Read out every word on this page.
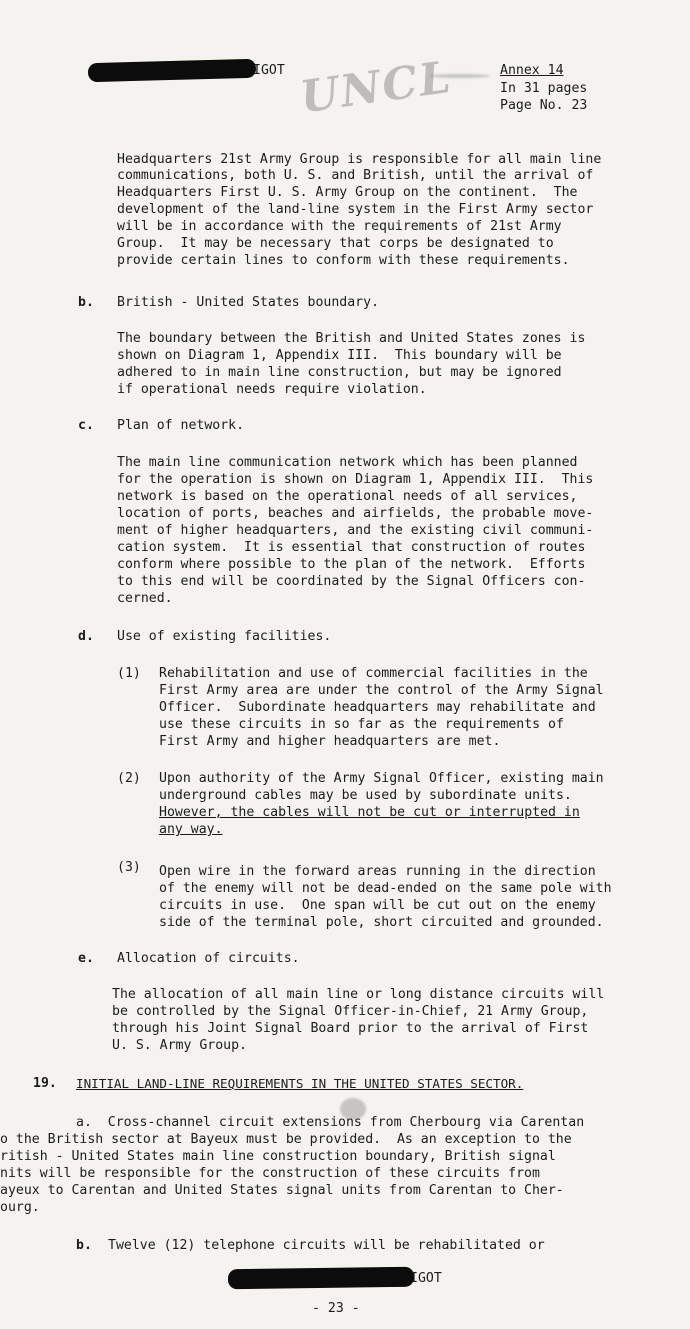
IGOT UNCL	Annex 14
In 31 pages
Page No. 23
Headquarters 21st Army Group is responsible for all main line
communications, both U. S. and British, until the arrival of
Headquarters First U. S. Army Group on the continent.  The
development of the land-line system in the First Army sector
will be in accordance with the requirements of 21st Army
Group.  It may be necessary that corps be designated to
provide certain lines to conform with these requirements.
b. British - United States boundary.
The boundary between the British and United States zones is
shown on Diagram 1, Appendix III.  This boundary will be
adhered to in main line construction, but may be ignored
if operational needs require violation.
c. Plan of network.
The main line communication network which has been planned
for the operation is shown on Diagram 1, Appendix III.  This
network is based on the operational needs of all services,
location of ports, beaches and airfields, the probable move-
ment of higher headquarters, and the existing civil communi-
cation system.  It is essential that construction of routes
conform where possible to the plan of the network.  Efforts
to this end will be coordinated by the Signal Officers con-
cerned.
d. Use of existing facilities.
(1) Rehabilitation and use of commercial facilities in the
First Army area are under the control of the Army Signal
Officer.  Subordinate headquarters may rehabilitate and
use these circuits in so far as the requirements of
First Army and higher headquarters are met.
(2) Upon authority of the Army Signal Officer, existing main
underground cables may be used by subordinate units.
However, the cables will not be cut or interrupted in
any way.
(3) Open wire in the forward areas running in the direction
of the enemy will not be dead-ended on the same pole with
circuits in use.  One span will be cut out on the enemy
side of the terminal pole, short circuited and grounded.
e. Allocation of circuits.
The allocation of all main line or long distance circuits will
be controlled by the Signal Officer-in-Chief, 21 Army Group,
through his Joint Signal Board prior to the arrival of First
U. S. Army Group.
19. INITIAL LAND-LINE REQUIREMENTS IN THE UNITED STATES SECTOR.
a.  Cross-channel circuit extensions from Cherbourg via Carentan
o the British sector at Bayeux must be provided.  As an exception to the
ritish - United States main line construction boundary, British signal
nits will be responsible for the construction of these circuits from
ayeux to Carentan and United States signal units from Carentan to Cher-
ourg.
b. Twelve (12) telephone circuits will be rehabilitated or
IGOT
- 23 -
